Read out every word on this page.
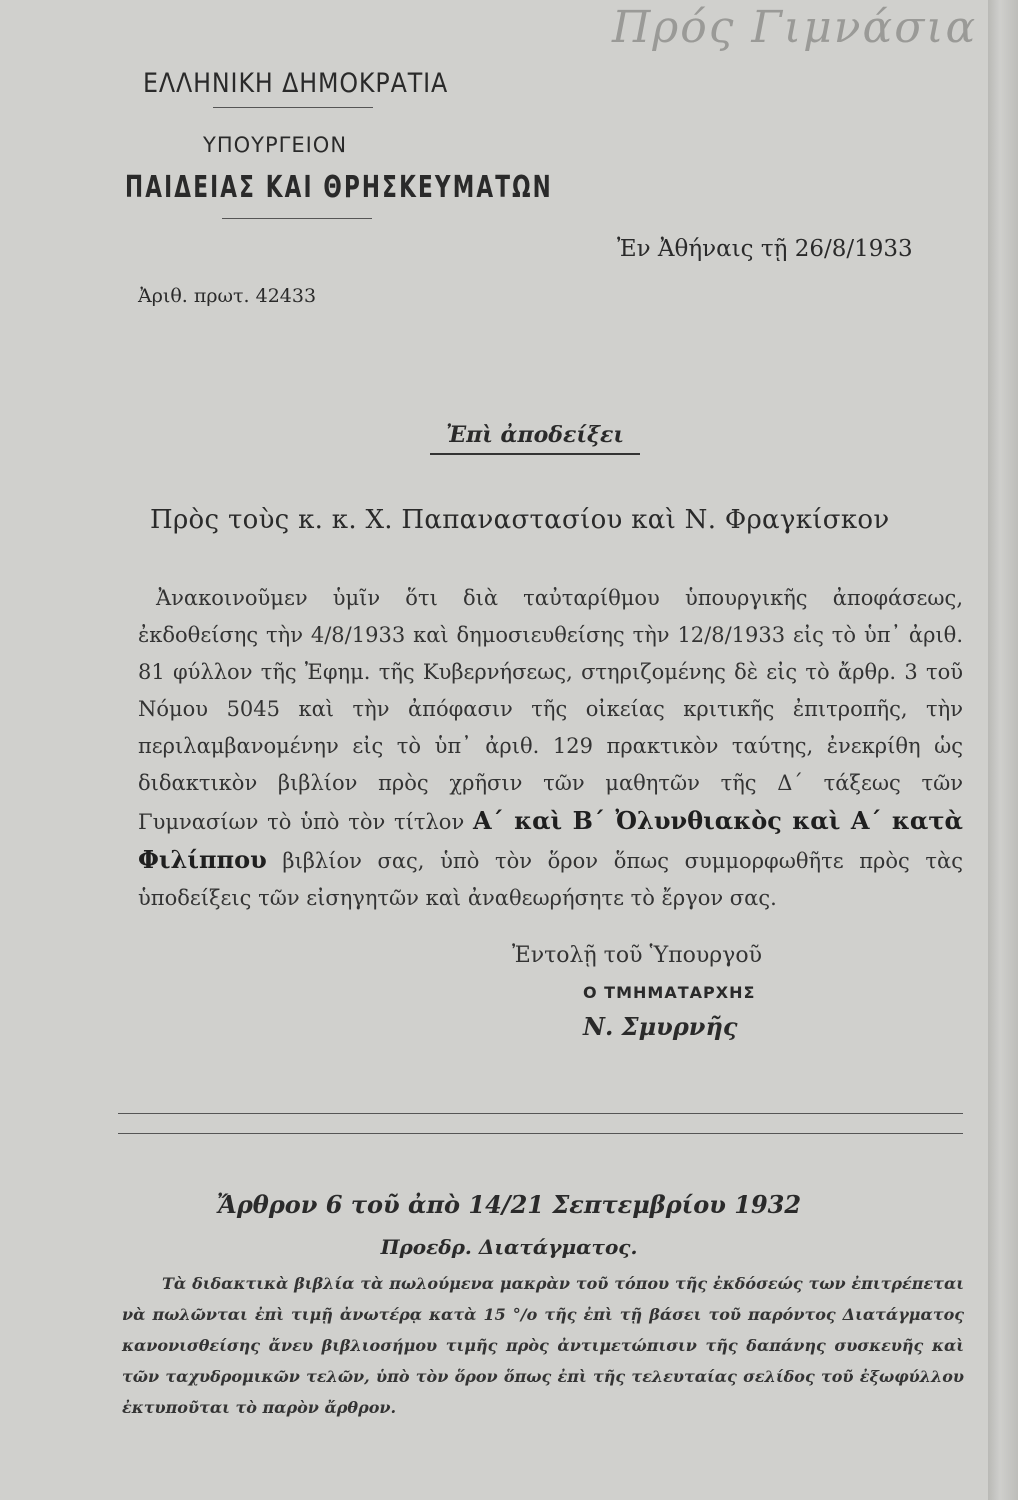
Πρός Γιμνάσια
ΕΛΛΗΝΙΚΗ ΔΗΜΟΚΡΑΤΙΑ
ΥΠΟΥΡΓΕΙΟΝ
ΠΑΙΔΕΙΑΣ ΚΑΙ ΘΡΗΣΚΕΥΜΑΤΩΝ
Ἐν Ἀθήναις τῇ 26/8/1933
Ἀριθ. πρωτ. 42433
Ἐπὶ ἀποδείξει
Πρὸς τοὺς κ. κ. Χ. Παπαναστασίου καὶ Ν. Φραγκίσκον
Ἀνακοινοῦμεν ὑμῖν ὅτι διὰ ταὐταρίθμου ὑπουργικῆς ἀποφάσεως, ἐκδοθείσης τὴν 4/8/1933 καὶ δημοσιευθείσης τὴν 12/8/1933 εἰς τὸ ὑπ᾽ ἀριθ. 81 φύλλον τῆς Ἐφημ. τῆς Κυβερνήσεως, στηριζομένης δὲ εἰς τὸ ἄρθρ. 3 τοῦ Νόμου 5045 καὶ τὴν ἀπόφασιν τῆς οἰκείας κριτικῆς ἐπιτροπῆς, τὴν περιλαμβανομένην εἰς τὸ ὑπ᾽ ἀριθ. 129 πρακτικὸν ταύτης, ἐνεκρίθη ὡς διδακτικὸν βιβλίον πρὸς χρῆσιν τῶν μαθητῶν τῆς Δ´ τάξεως τῶν Γυμνασίων τὸ ὑπὸ τὸν τίτλον Α´ καὶ Β´ Ὀλυνθιακὸς καὶ Α´ κατὰ Φιλίππου βιβλίον σας, ὑπὸ τὸν ὅρον ὅπως συμμορφωθῆτε πρὸς τὰς ὑποδείξεις τῶν εἰσηγητῶν καὶ ἀναθεωρήσητε τὸ ἔργον σας.
Ἐντολῇ τοῦ Ὑπουργοῦ
Ο ΤΜΗΜΑΤΑΡΧΗΣ
Ν. Σμυρνῆς
Ἄρθρον 6 τοῦ ἀπὸ 14/21 Σεπτεμβρίου 1932
Προεδρ. Διατάγματος.
Τὰ διδακτικὰ βιβλία τὰ πωλούμενα μακρὰν τοῦ τόπου τῆς ἐκδόσεώς των ἐπιτρέπεται νὰ πωλῶνται ἐπὶ τιμῇ ἀνωτέρᾳ κατὰ 15 °/ο τῆς ἐπὶ τῇ βάσει τοῦ παρόντος Διατάγματος κανονισθείσης ἄνευ βιβλιοσήμου τιμῆς πρὸς ἀντιμετώπισιν τῆς δαπάνης συσκευῆς καὶ τῶν ταχυδρομικῶν τελῶν, ὑπὸ τὸν ὅρον ὅπως ἐπὶ τῆς τελευταίας σελίδος τοῦ ἐξωφύλλου ἐκτυποῦται τὸ παρὸν ἄρθρον.
